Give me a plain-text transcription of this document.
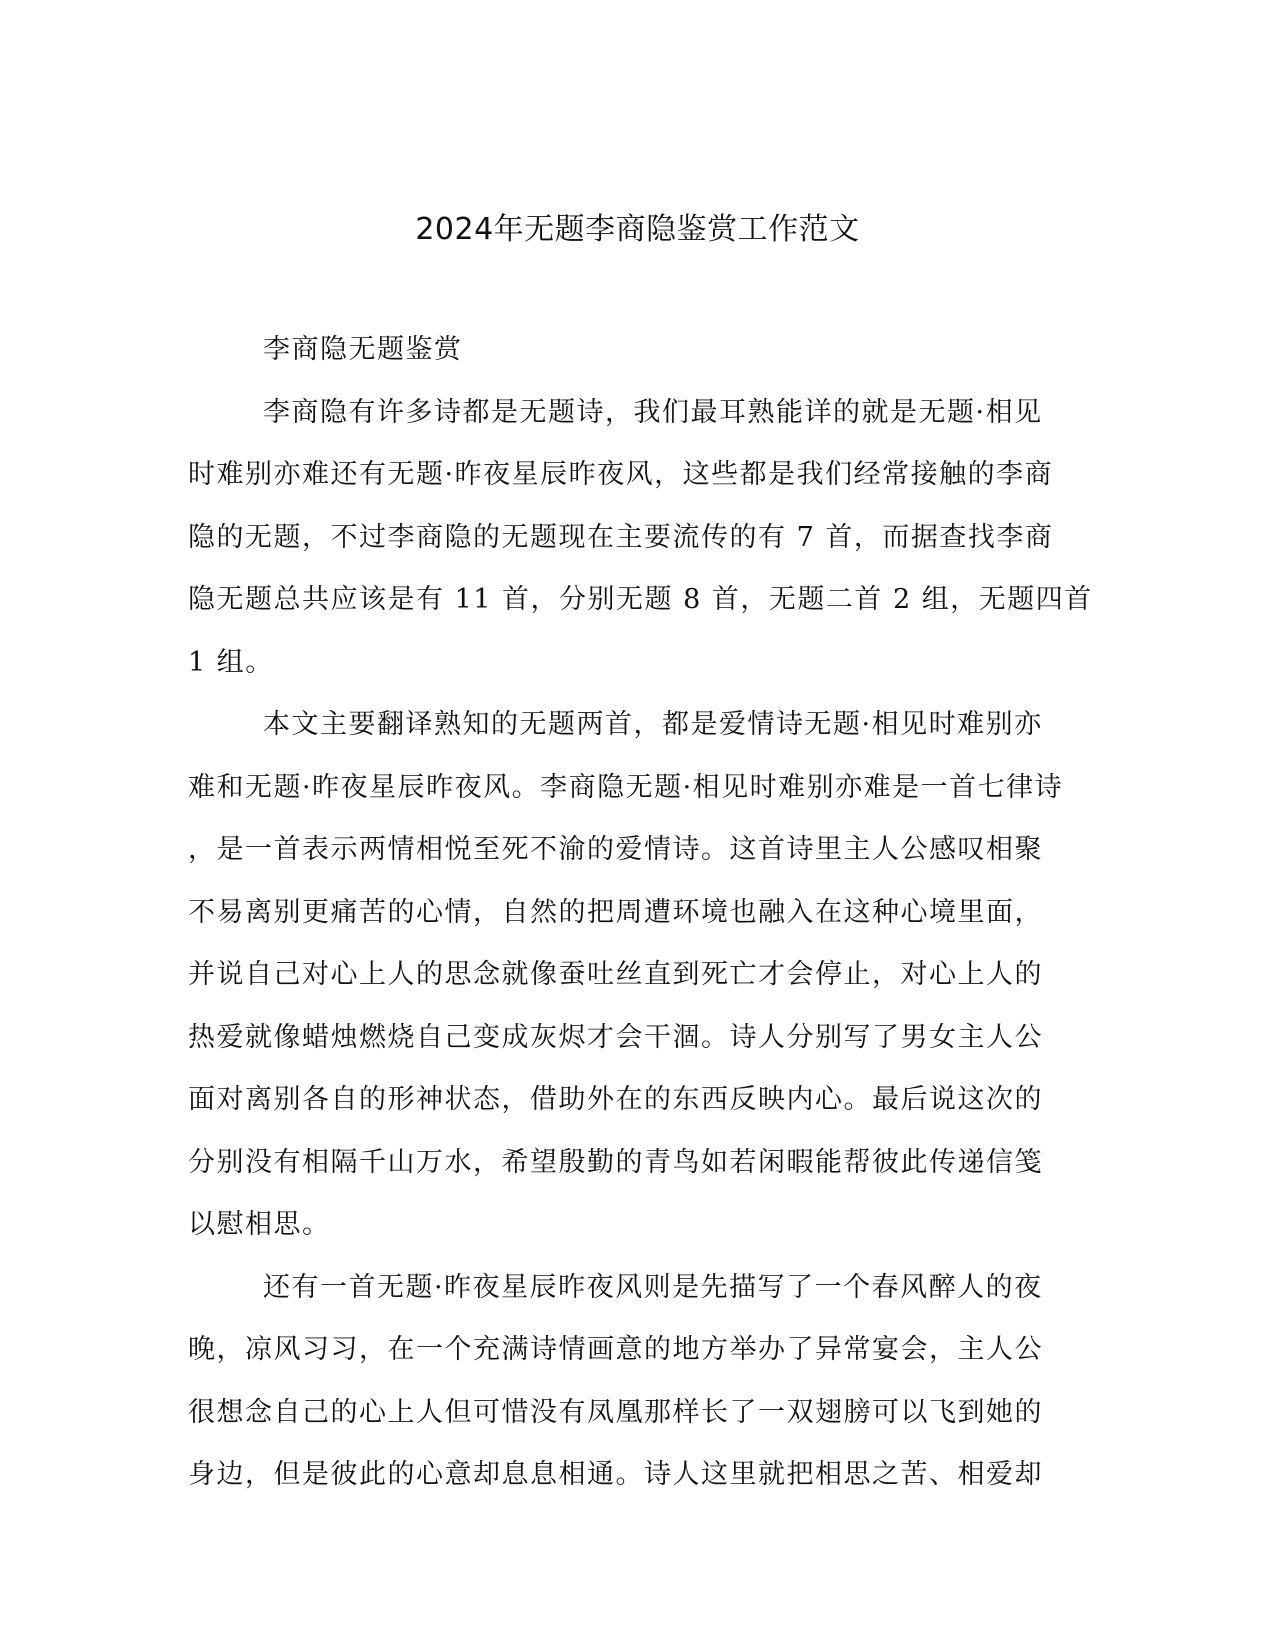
2024年无题李商隐鉴赏工作范文
李商隐无题鉴赏
李商隐有许多诗都是无题诗，我们最耳熟能详的就是无题·相见
时难别亦难还有无题·昨夜星辰昨夜风，这些都是我们经常接触的李商
隐的无题，不过李商隐的无题现在主要流传的有 7 首，而据查找李商
隐无题总共应该是有 11 首，分别无题 8 首，无题二首 2 组，无题四首
1 组。
本文主要翻译熟知的无题两首，都是爱情诗无题·相见时难别亦
难和无题·昨夜星辰昨夜风。李商隐无题·相见时难别亦难是一首七律诗
，是一首表示两情相悦至死不渝的爱情诗。这首诗里主人公感叹相聚
不易离别更痛苦的心情，自然的把周遭环境也融入在这种心境里面，
并说自己对心上人的思念就像蚕吐丝直到死亡才会停止，对心上人的
热爱就像蜡烛燃烧自己变成灰烬才会干涸。诗人分别写了男女主人公
面对离别各自的形神状态，借助外在的东西反映内心。最后说这次的
分别没有相隔千山万水，希望殷勤的青鸟如若闲暇能帮彼此传递信笺
以慰相思。
还有一首无题·昨夜星辰昨夜风则是先描写了一个春风醉人的夜
晚，凉风习习，在一个充满诗情画意的地方举办了异常宴会，主人公
很想念自己的心上人但可惜没有凤凰那样长了一双翅膀可以飞到她的
身边，但是彼此的心意却息息相通。诗人这里就把相思之苦、相爱却
